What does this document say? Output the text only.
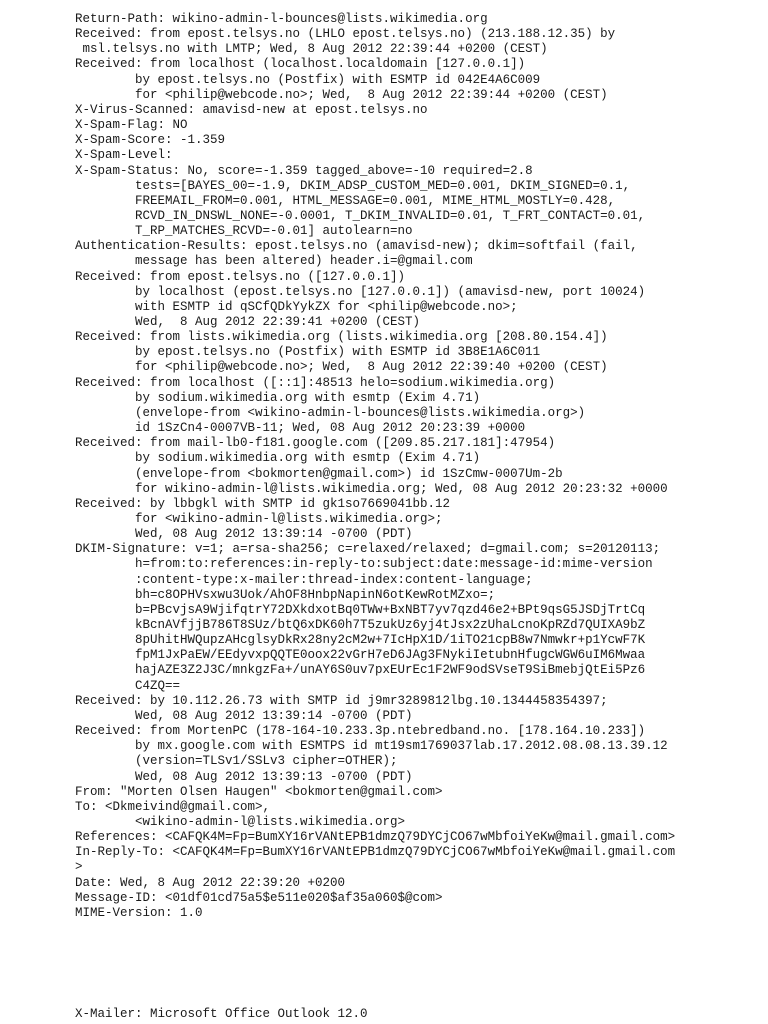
Return-Path: wikino-admin-l-bounces@lists.wikimedia.org
Received: from epost.telsys.no (LHLO epost.telsys.no) (213.188.12.35) by
msl.telsys.no with LMTP; Wed, 8 Aug 2012 22:39:44 +0200 (CEST)
Received: from localhost (localhost.localdomain [127.0.0.1])
by epost.telsys.no (Postfix) with ESMTP id 042E4A6C009
for <philip@webcode.no>; Wed,  8 Aug 2012 22:39:44 +0200 (CEST)
X-Virus-Scanned: amavisd-new at epost.telsys.no
X-Spam-Flag: NO
X-Spam-Score: -1.359
X-Spam-Level:
X-Spam-Status: No, score=-1.359 tagged_above=-10 required=2.8
tests=[BAYES_00=-1.9, DKIM_ADSP_CUSTOM_MED=0.001, DKIM_SIGNED=0.1,
FREEMAIL_FROM=0.001, HTML_MESSAGE=0.001, MIME_HTML_MOSTLY=0.428,
RCVD_IN_DNSWL_NONE=-0.0001, T_DKIM_INVALID=0.01, T_FRT_CONTACT=0.01,
T_RP_MATCHES_RCVD=-0.01] autolearn=no
Authentication-Results: epost.telsys.no (amavisd-new); dkim=softfail (fail,
message has been altered) header.i=@gmail.com
Received: from epost.telsys.no ([127.0.0.1])
by localhost (epost.telsys.no [127.0.0.1]) (amavisd-new, port 10024)
with ESMTP id qSCfQDkYykZX for <philip@webcode.no>;
Wed,  8 Aug 2012 22:39:41 +0200 (CEST)
Received: from lists.wikimedia.org (lists.wikimedia.org [208.80.154.4])
by epost.telsys.no (Postfix) with ESMTP id 3B8E1A6C011
for <philip@webcode.no>; Wed,  8 Aug 2012 22:39:40 +0200 (CEST)
Received: from localhost ([::1]:48513 helo=sodium.wikimedia.org)
by sodium.wikimedia.org with esmtp (Exim 4.71)
(envelope-from <wikino-admin-l-bounces@lists.wikimedia.org>)
id 1SzCn4-0007VB-11; Wed, 08 Aug 2012 20:23:39 +0000
Received: from mail-lb0-f181.google.com ([209.85.217.181]:47954)
by sodium.wikimedia.org with esmtp (Exim 4.71)
(envelope-from <bokmorten@gmail.com>) id 1SzCmw-0007Um-2b
for wikino-admin-l@lists.wikimedia.org; Wed, 08 Aug 2012 20:23:32 +0000
Received: by lbbgkl with SMTP id gk1so7669041bb.12
for <wikino-admin-l@lists.wikimedia.org>;
Wed, 08 Aug 2012 13:39:14 -0700 (PDT)
DKIM-Signature: v=1; a=rsa-sha256; c=relaxed/relaxed; d=gmail.com; s=20120113;
h=from:to:references:in-reply-to:subject:date:message-id:mime-version
:content-type:x-mailer:thread-index:content-language;
bh=c8OPHVsxwu3Uok/AhOF8HnbpNapinN6otKewRotMZxo=;
b=PBcvjsA9WjifqtrY72DXkdxotBq0TWw+BxNBT7yv7qzd46e2+BPt9qsG5JSDjTrtCq
kBcnAVfjjB786T8SUz/btQ6xDK60h7T5zukUz6yj4tJsx2zUhaLcnoKpRZd7QUIXA9bZ
8pUhitHWQupzAHcglsyDkRx28ny2cM2w+7IcHpX1D/1iTO21cpB8w7Nmwkr+p1YcwF7K
fpM1JxPaEW/EEdyvxpQQTE0oox22vGrH7eD6JAg3FNykiIetubnHfugcWGW6uIM6Mwaa
hajAZE3Z2J3C/mnkgzFa+/unAY6S0uv7pxEUrEc1F2WF9odSVseT9SiBmebjQtEi5Pz6
C4ZQ==
Received: by 10.112.26.73 with SMTP id j9mr3289812lbg.10.1344458354397;
Wed, 08 Aug 2012 13:39:14 -0700 (PDT)
Received: from MortenPC (178-164-10.233.3p.ntebredband.no. [178.164.10.233])
by mx.google.com with ESMTPS id mt19sm1769037lab.17.2012.08.08.13.39.12
(version=TLSv1/SSLv3 cipher=OTHER);
Wed, 08 Aug 2012 13:39:13 -0700 (PDT)
From: "Morten Olsen Haugen" <bokmorten@gmail.com>
To: <Dkmeivind@gmail.com>,
<wikino-admin-l@lists.wikimedia.org>
References: <CAFQK4M=Fp=BumXY16rVANtEPB1dmzQ79DYCjCO67wMbfoiYeKw@mail.gmail.com>
In-Reply-To: <CAFQK4M=Fp=BumXY16rVANtEPB1dmzQ79DYCjCO67wMbfoiYeKw@mail.gmail.com
>
Date: Wed, 8 Aug 2012 22:39:20 +0200
Message-ID: <01df01cd75a5$e511e020$af35a060$@com>
MIME-Version: 1.0
X-Mailer: Microsoft Office Outlook 12.0
